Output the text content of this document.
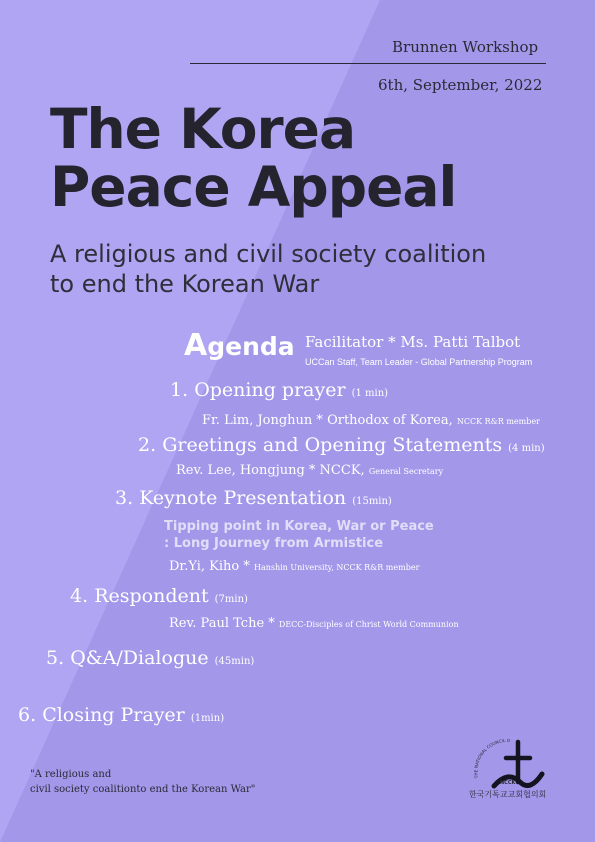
Brunnen Workshop
6th, September, 2022
The Korea
Peace Appeal
A religious and civil society coalition
to end the Korean War
Agenda Facilitator * Ms. Patti Talbot
UCCan Staff, Team Leader - Global Partnership Program
1. Opening prayer (1 min)
Fr. Lim, Jonghun * Orthodox of Korea, NCCK R&R member
2. Greetings and Opening Statements (4 min)
Rev. Lee, Hongjung * NCCK, General Secretary
3. Keynote Presentation (15min)
Tipping point in Korea, War or Peace
: Long Journey from Armistice
Dr.Yi, Kiho * Hanshin University, NCCK R&R member
4. Respondent (7min)
Rev. Paul Tche * DECC-Disciples of Christ World Communion
5. Q&A/Dialogue (45min)
6. Closing Prayer (1min)
"A religious and
civil society coalitionto end the Korean War"
THE NATIONAL COUNCIL O
NCCK
한국기독교교회협의회
